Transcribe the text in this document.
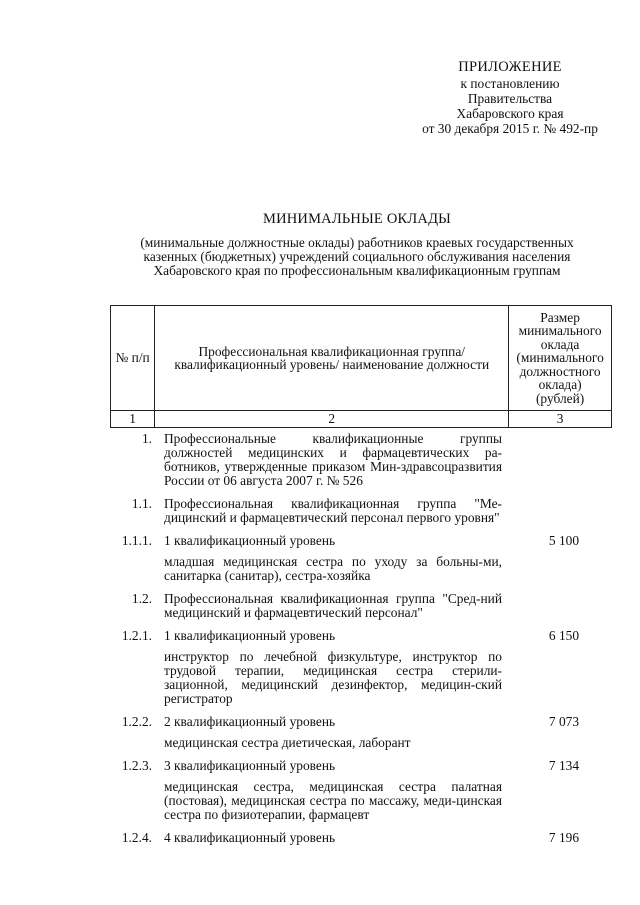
ПРИЛОЖЕНИЕ
к постановлению
Правительства
Хабаровского края
от 30 декабря 2015 г. № 492-пр
МИНИМАЛЬНЫЕ ОКЛАДЫ
(минимальные должностные оклады) работников краевых государственных
казенных (бюджетных) учреждений социального обслуживания населения
Хабаровского края по профессиональным квалификационным группам
№ п/п	Профессиональная квалификационная группа/ квалификационный уровень/ наименование должности	Размер минимального оклада (минимального должностного оклада) (рублей)
1	2	3
1. Профессиональные квалификационные группы должностей медицинских и фармацевтических ра-ботников, утвержденные приказом Мин-здравсоцразвития России от 06 августа 2007 г. № 526
1.1. Профессиональная квалификационная группа "Ме-дицинский и фармацевтический персонал первого уровня"
1.1.1. 1 квалификационный уровень	5 100
младшая медицинская сестра по уходу за больны-ми, санитарка (санитар), сестра-хозяйка
1.2. Профессиональная квалификационная группа "Сред-ний медицинский и фармацевтический персонал"
1.2.1. 1 квалификационный уровень	6 150
инструктор по лечебной физкультуре, инструктор по трудовой терапии, медицинская сестра стерили-зационной, медицинский дезинфектор, медицин-ский регистратор
1.2.2. 2 квалификационный уровень	7 073
медицинская сестра диетическая, лаборант
1.2.3. 3 квалификационный уровень	7 134
медицинская сестра, медицинская сестра палатная (постовая), медицинская сестра по массажу, меди-цинская сестра по физиотерапии, фармацевт
1.2.4. 4 квалификационный уровень	7 196
